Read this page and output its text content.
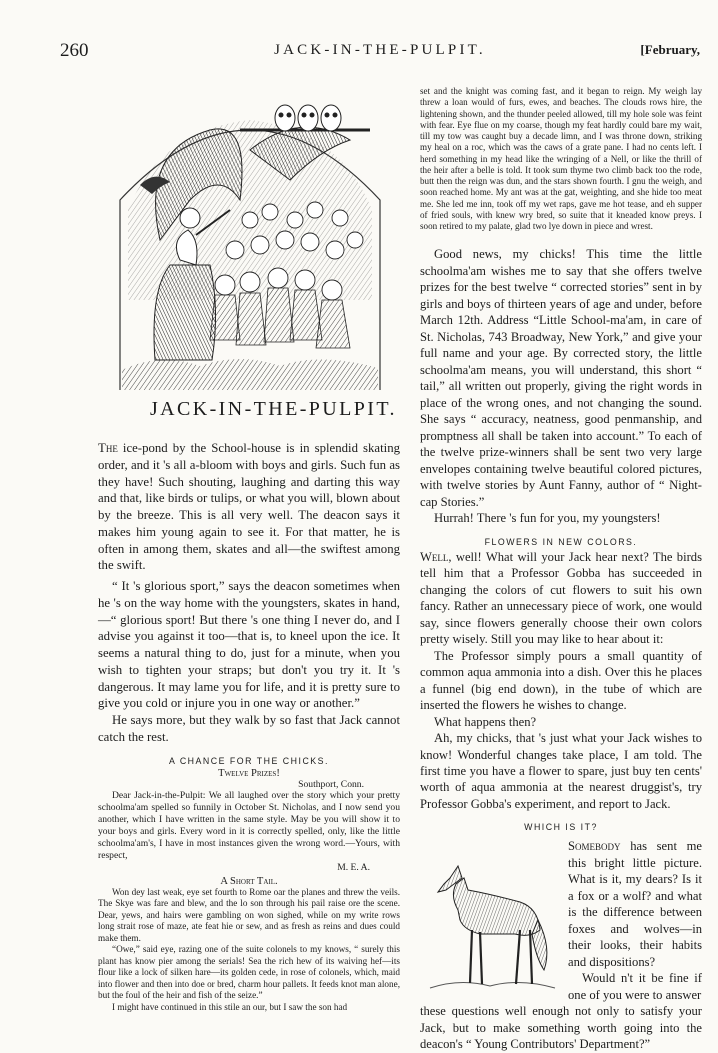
260	JACK-IN-THE-PULPIT.	[February,
JACK-IN-THE-PULPIT.

The ice-pond by the School-house is in splendid skating order, and it 's all a-bloom with boys and girls. Such fun as they have! Such shouting, laughing and darting this way and that, like birds or tulips, or what you will, blown about by the breeze. This is all very well. The deacon says it makes him young again to see it. For that matter, he is often in among them, skates and all—the swiftest among the swift.

“ It 's glorious sport,” says the deacon sometimes when he 's on the way home with the youngsters, skates in hand,—“ glorious sport! But there 's one thing I never do, and I advise you against it too—that is, to kneel upon the ice. It seems a natural thing to do, just for a minute, when you wish to tighten your straps; but don't you try it. It 's dangerous. It may lame you for life, and it is pretty sure to give you cold or injure you in one way or another.”

He says more, but they walk by so fast that Jack cannot catch the rest.

A CHANCE FOR THE CHICKS.
Twelve Prizes!

Southport, Conn.

Dear Jack-in-the-Pulpit: We all laughed over the story which your pretty schoolma'am spelled so funnily in October St. Nicholas, and I now send you another, which I have written in the same style. May be you will show it to your boys and girls. Every word in it is correctly spelled, only, like the little schoolma'am's, I have in most instances given the wrong word.—Yours, with respect,

M. E. A.

A Short Tail.

Won dey last weak, eye set fourth to Rome oar the planes and threw the veils. The Skye was fare and blew, and the lo son through his pail raise ore the scene. Dear, yews, and hairs were gambling on won sighed, while on my write rows long strait rose of maze, ate feat hie or sew, and as fresh as reins and dues could make them.

“Owe,” said eye, razing one of the suite colonels to my knows, “ surely this plant has know pier among the serials! Sea the rich hew of its waiving hef—its flour like a lock of silken hare—its golden cede, in rose of colonels, which, maid into flower and then into doe or bred, charm hour pallets. It feeds knot man alone, but the foul of the heir and fish of the seize.”

I might have continued in this stile an our, but I saw the son had

set and the knight was coming fast, and it began to reign. My weigh lay threw a loan would of furs, ewes, and beaches. The clouds rows hire, the lightening shown, and the thunder peeled allowed, till my hole sole was feint with fear. Eye flue on my coarse, though my feat hardly could bare my wait, till my tow was caught buy a decade limn, and I was throne down, striking my heal on a roc, which was the caws of a grate pane. I had no cents left. I herd something in my head like the wringing of a Nell, or like the thrill of the heir after a belle is told. It took sum thyme two climb back too the rode, butt then the reign was dun, and the stars shown fourth. I gnu the weigh, and soon reached home. My ant was at the gat, weighting, and she hide too meat me. She led me inn, took off my wet raps, gave me hot tease, and eh supper of fried souls, with knew wry bred, so suite that it kneaded know preys. I soon retired to my palate, glad two lye down in piece and wrest.

Good news, my chicks! This time the little schoolma'am wishes me to say that she offers twelve prizes for the best twelve “ corrected stories” sent in by girls and boys of thirteen years of age and under, before March 12th. Address “Little School-ma'am, in care of St. Nicholas, 743 Broadway, New York,” and give your full name and your age. By corrected story, the little schoolma'am means, you will understand, this short “ tail,” all written out properly, giving the right words in place of the wrong ones, and not changing the sound. She says “ accuracy, neatness, good penmanship, and promptness all shall be taken into account.” To each of the twelve prize-winners shall be sent two very large envelopes containing twelve beautiful colored pictures, with twelve stories by Aunt Fanny, author of “ Night-cap Stories.”

Hurrah! There 's fun for you, my youngsters!

FLOWERS IN NEW COLORS.

Well, well! What will your Jack hear next? The birds tell him that a Professor Gobba has succeeded in changing the colors of cut flowers to suit his own fancy. Rather an unnecessary piece of work, one would say, since flowers generally choose their own colors pretty wisely. Still you may like to hear about it:

The Professor simply pours a small quantity of common aqua ammonia into a dish. Over this he places a funnel (big end down), in the tube of which are inserted the flowers he wishes to change.

What happens then?

Ah, my chicks, that 's just what your Jack wishes to know! Wonderful changes take place, I am told. The first time you have a flower to spare, just buy ten cents' worth of aqua ammonia at the nearest druggist's, try Professor Gobba's experiment, and report to Jack.

WHICH IS IT?

Somebody has sent me this bright little picture. What is it, my dears? Is it a fox or a wolf? and what is the difference between foxes and wolves—in their looks, their habits and dispositions?

Would n't it be fine if one of you were to answer

these questions well enough not only to satisfy your Jack, but to make something worth going into the deacon's “ Young Contributors' Department?”
